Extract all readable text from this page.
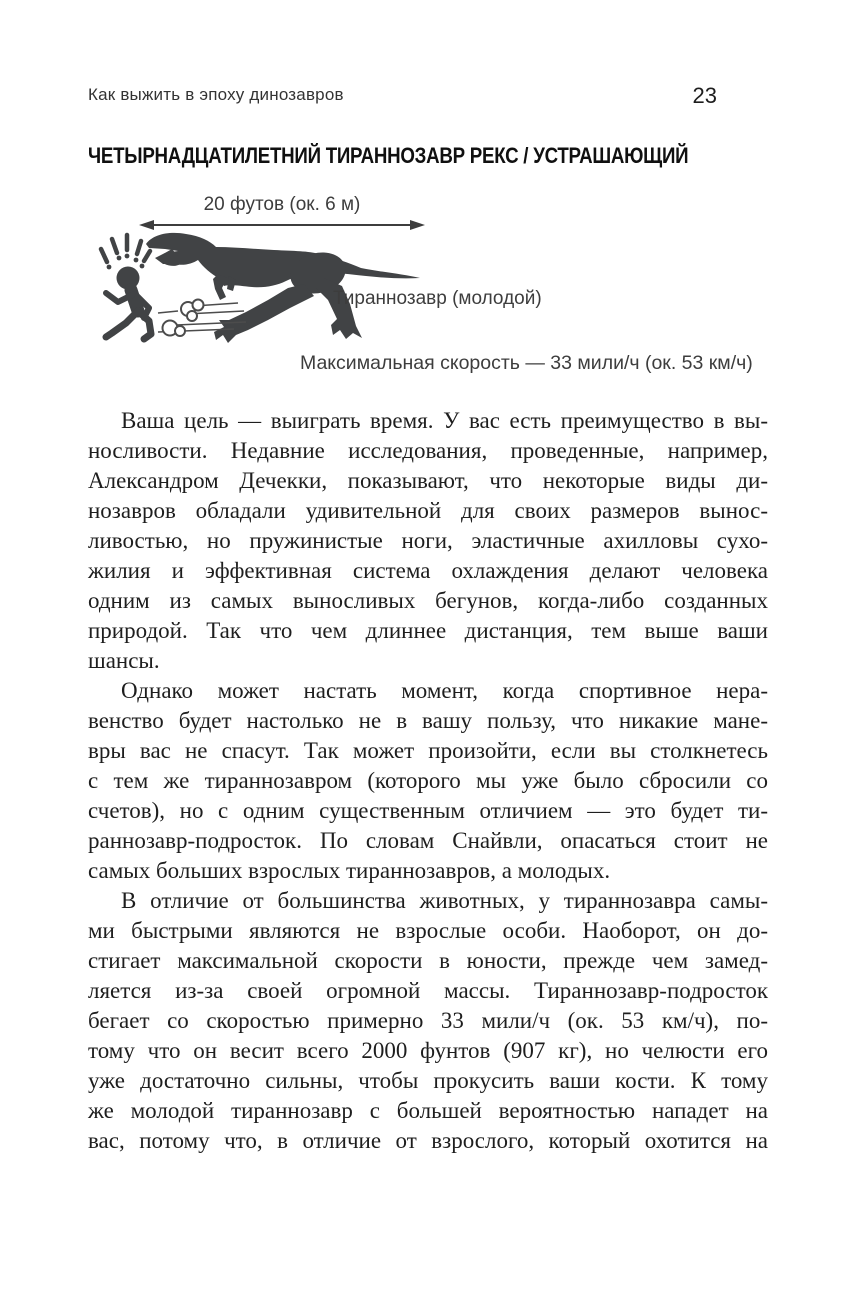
Как выжить в эпоху динозавров	23
ЧЕТЫРНАДЦАТИЛЕТНИЙ ТИРАННОЗАВР РЕКС / УСТРАШАЮЩИЙ
20 футов (ок. 6 м)
Тираннозавр (молодой)
Максимальная скорость — 33 мили/ч (ок. 53 км/ч)
Ваша цель — выиграть время. У вас есть преимущество в вы-
носливости. Недавние исследования, проведенные, например,
Александром Дечекки, показывают, что некоторые виды ди-
нозавров обладали удивительной для своих размеров вынос-
ливостью, но пружинистые ноги, эластичные ахилловы сухо-
жилия и эффективная система охлаждения делают человека
одним из самых выносливых бегунов, когда-либо созданных
природой. Так что чем длиннее дистанция, тем выше ваши
шансы.
Однако может настать момент, когда спортивное нера-
венство будет настолько не в вашу пользу, что никакие мане-
вры вас не спасут. Так может произойти, если вы столкнетесь
с тем же тираннозавром (которого мы уже было сбросили со
счетов), но с одним существенным отличием — это будет ти-
раннозавр-подросток. По словам Снайвли, опасаться стоит не
самых больших взрослых тираннозавров, а молодых.
В отличие от большинства животных, у тираннозавра самы-
ми быстрыми являются не взрослые особи. Наоборот, он до-
стигает максимальной скорости в юности, прежде чем замед-
ляется из-за своей огромной массы. Тираннозавр-подросток
бегает со скоростью примерно 33 мили/ч (ок. 53 км/ч), по-
тому что он весит всего 2000 фунтов (907 кг), но челюсти его
уже достаточно сильны, чтобы прокусить ваши кости. К тому
же молодой тираннозавр с большей вероятностью нападет на
вас, потому что, в отличие от взрослого, который охотится на
